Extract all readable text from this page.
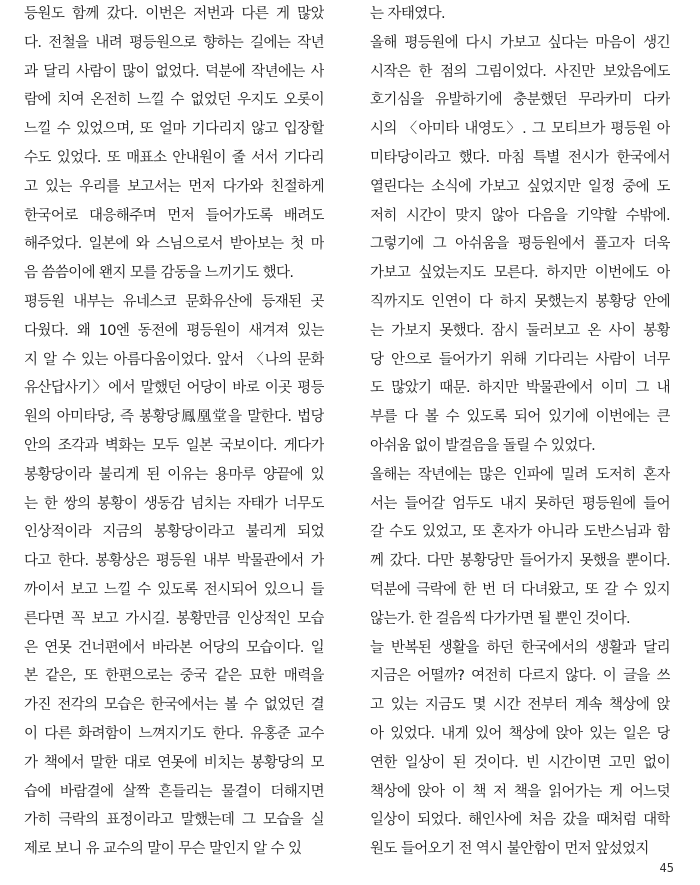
등원도 함께 갔다. 이번은 저번과 다른 게 많았
다. 전철을 내려 평등원으로 향하는 길에는 작년
과 달리 사람이 많이 없었다. 덕분에 작년에는 사
람에 치여 온전히 느낄 수 없었던 우지도 오롯이
느낄 수 있었으며, 또 얼마 기다리지 않고 입장할
수도 있었다. 또 매표소 안내원이 줄 서서 기다리
고 있는 우리를 보고서는 먼저 다가와 친절하게
한국어로 대응해주며 먼저 들어가도록 배려도
해주었다. 일본에 와 스님으로서 받아보는 첫 마
음 씀씀이에 왠지 모를 감동을 느끼기도 했다.
평등원 내부는 유네스코 문화유산에 등재된 곳
다웠다. 왜 10엔 동전에 평등원이 새겨져 있는
지 알 수 있는 아름다움이었다. 앞서 〈나의 문화
유산답사기〉에서 말했던 어당이 바로 이곳 평등
원의 아미타당, 즉 봉황당鳳凰堂을 말한다. 법당
안의 조각과 벽화는 모두 일본 국보이다. 게다가
봉황당이라 불리게 된 이유는 용마루 양끝에 있
는 한 쌍의 봉황이 생동감 넘치는 자태가 너무도
인상적이라 지금의 봉황당이라고 불리게 되었
다고 한다. 봉황상은 평등원 내부 박물관에서 가
까이서 보고 느낄 수 있도록 전시되어 있으니 들
른다면 꼭 보고 가시길. 봉황만큼 인상적인 모습
은 연못 건너편에서 바라본 어당의 모습이다. 일
본 같은, 또 한편으로는 중국 같은 묘한 매력을
가진 전각의 모습은 한국에서는 볼 수 없었던 결
이 다른 화려함이 느껴지기도 한다. 유홍준 교수
가 책에서 말한 대로 연못에 비치는 봉황당의 모
습에 바람결에 살짝 흔들리는 물결이 더해지면
가히 극락의 표정이라고 말했는데 그 모습을 실
제로 보니 유 교수의 말이 무슨 말인지 알 수 있
는 자태였다.
올해 평등원에 다시 가보고 싶다는 마음이 생긴
시작은 한 점의 그림이었다. 사진만 보았음에도
호기심을 유발하기에 충분했던 무라카미 다카
시의 〈아미타 내영도〉. 그 모티브가 평등원 아
미타당이라고 했다. 마침 특별 전시가 한국에서
열린다는 소식에 가보고 싶었지만 일정 중에 도
저히 시간이 맞지 않아 다음을 기약할 수밖에.
그렇기에 그 아쉬움을 평등원에서 풀고자 더욱
가보고 싶었는지도 모른다. 하지만 이번에도 아
직까지도 인연이 다 하지 못했는지 봉황당 안에
는 가보지 못했다. 잠시 둘러보고 온 사이 봉황
당 안으로 들어가기 위해 기다리는 사람이 너무
도 많았기 때문. 하지만 박물관에서 이미 그 내
부를 다 볼 수 있도록 되어 있기에 이번에는 큰
아쉬움 없이 발걸음을 돌릴 수 있었다.
올해는 작년에는 많은 인파에 밀려 도저히 혼자
서는 들어갈 엄두도 내지 못하던 평등원에 들어
갈 수도 있었고, 또 혼자가 아니라 도반스님과 함
께 갔다. 다만 봉황당만 들어가지 못했을 뿐이다.
덕분에 극락에 한 번 더 다녀왔고, 또 갈 수 있지
않는가. 한 걸음씩 다가가면 될 뿐인 것이다.
늘 반복된 생활을 하던 한국에서의 생활과 달리
지금은 어떨까? 여전히 다르지 않다. 이 글을 쓰
고 있는 지금도 몇 시간 전부터 계속 책상에 앉
아 있었다. 내게 있어 책상에 앉아 있는 일은 당
연한 일상이 된 것이다. 빈 시간이면 고민 없이
책상에 앉아 이 책 저 책을 읽어가는 게 어느덧
일상이 되었다. 해인사에 처음 갔을 때처럼 대학
원도 들어오기 전 역시 불안함이 먼저 앞섰었지
45
